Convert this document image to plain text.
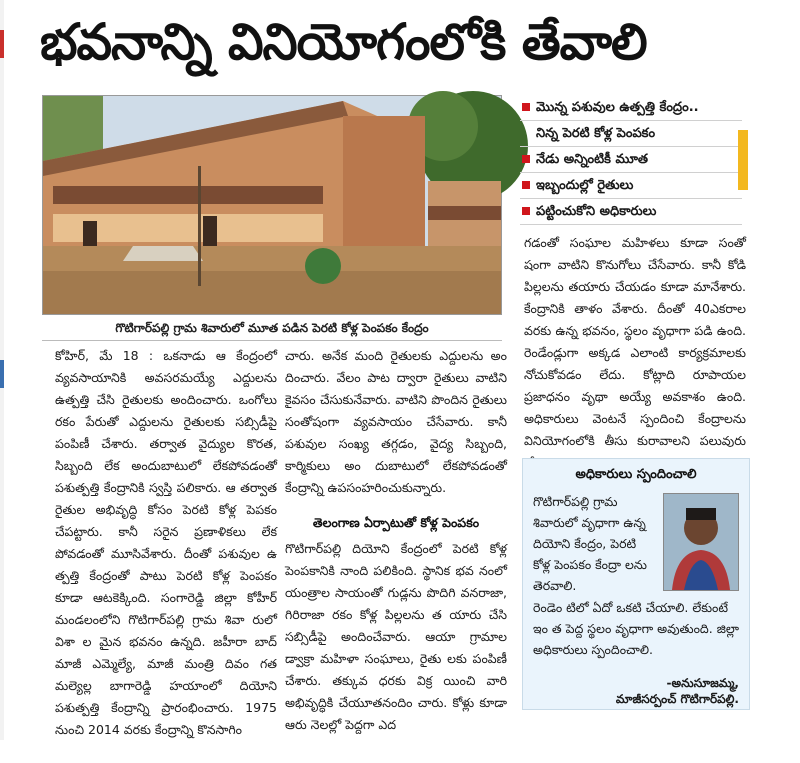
భవనాన్ని వినియోగంలోకి తేవాలి
గొటిగార్‌పల్లి గ్రామ శివారులో మూత పడిన పెరటి కోళ్ల పెంపకం కేంద్రం
మొన్న పశువుల ఉత్పత్తి కేంద్రం..
నిన్న పెరటి కోళ్ల పెంపకం
నేడు అన్నింటికీ మూత
ఇబ్బందుల్లో రైతులు
పట్టించుకోని అధికారులు

కోహిర్‌, మే 18 : ఒకనాడు ఆ కేంద్రంలో వ్యవసాయానికి అవసరమయ్యే ఎద్దులను ఉత్పత్తి చేసి రైతులకు అందించారు. ఒంగోలు రకం పేరుతో ఎద్దులను రైతులకు సబ్సిడీపై పంపిణీ చేశారు. తర్వాత వైద్యుల కొరత, సిబ్బంది లేక అందుబాటులో లేకపోవడంతో పశుత్పత్తి కేంద్రానికి స్వస్తి పలికారు. ఆ తర్వాత రైతుల అభివృద్ధి కోసం పెరటి కోళ్ల పెపకం చేపట్టారు. కానీ సరైన ప్రణాళికలు లేక పోవడంతో మూసివేశారు. దీంతో పశువుల ఉ త్పత్తి కేంద్రంతో పాటు పెరటి కోళ్ల పెంపకం కూడా ఆటకెక్కింది. సంగారెడ్డి జిల్లా కోహీర్‌ మండలంలోని గొటిగార్‌పల్లి గ్రామ శివా రులో విశా ల మైన భవనం ఉన్నది. జహీరా బాద్‌ మాజీ ఎమ్మెల్యే, మాజీ మంత్రి దివం గత మల్యెల్ల బాగారెడ్డి హయాంలో దియోని పశుత్పత్తి కేంద్రాన్ని ప్రారంభించారు. 1975 నుంచి 2014 వరకు కేంద్రాన్ని కొనసాగిం

చారు. అనేక మంది రైతులకు ఎద్దులను అం దించారు. వేలం పాట ద్వారా రైతులు వాటిని కైవసం చేసుకునేవారు. వాటిని పొందిన రైతులు సంతోషంగా వ్యవసాయం చేసేవారు. కానీ పశువుల సంఖ్య తగ్గడం, వైద్య సిబ్బంది, కార్మికులు అం దుబాటులో లేకపోవడంతో కేంద్రాన్ని ఉపసంహరించుకున్నారు.

తెలంగాణ ఏర్పాటుతో కోళ్ల పెంపకం

గొటిగార్‌పల్లి దియోని కేంద్రంలో పెరటి కోళ్ల పెంపకానికి నాంది పలికింది. స్థానిక భవ నంలో యంత్రాల సాయంతో గుడ్లను పొదిగి వనరాజా, గిరిరాజా రకం కోళ్ల పిల్లలను త యారు చేసి సబ్సిడీపై అందించేవారు. ఆయా గ్రామాల డ్వాక్రా మహిళా సంఘాలు, రైతు లకు పంపిణీ చేశారు. తక్కువ ధరకు విక్ర యించి వారి అభివృద్ధికి చేయూతనందిం చారు. కోళ్లు కూడా ఆరు నెలల్లో పెద్దగా ఎద

గడంతో సంఘాల మహిళలు కూడా సంతో షంగా వాటిని కొనుగోలు చేసేవారు. కానీ కోడి పిల్లలను తయారు చేయడం కూడా మానేశారు. కేంద్రానికి తాళం వేశారు. దీంతో 40ఎకరాల వరకు ఉన్న భవనం, స్థలం వృధాగా పడి ఉంది. రెండేండ్లుగా అక్కడ ఎలాంటి కార్యక్రమాలకు నోచుకోవడం లేదు. కోట్లాది రూపాయల ప్రజాధనం వృథా అయ్యే అవకాశం ఉంది. అధికారులు వెంటనే స్పందించి కేంద్రాలను వినియోగంలోకి తీసు కురావాలని పలువురు

అధికారులు స్పందించాలి
గొటిగార్‌పల్లి గ్రామ శివారులో వృధాగా ఉన్న దియోని కేంద్రం, పెరటి కోళ్ల పెంపకం కేంద్రా లను తెరవాలి.
రెండెం టిలో ఏదో ఒకటి చేయాలి. లేకుంటే ఇం త పెద్ద స్థలం వృధాగా అవుతుంది. జిల్లా అధికారులు స్పందించాలి.
-అనుసూజమ్మ,
మాజీసర్పంచ్‌ గొటిగార్‌పల్లి.
